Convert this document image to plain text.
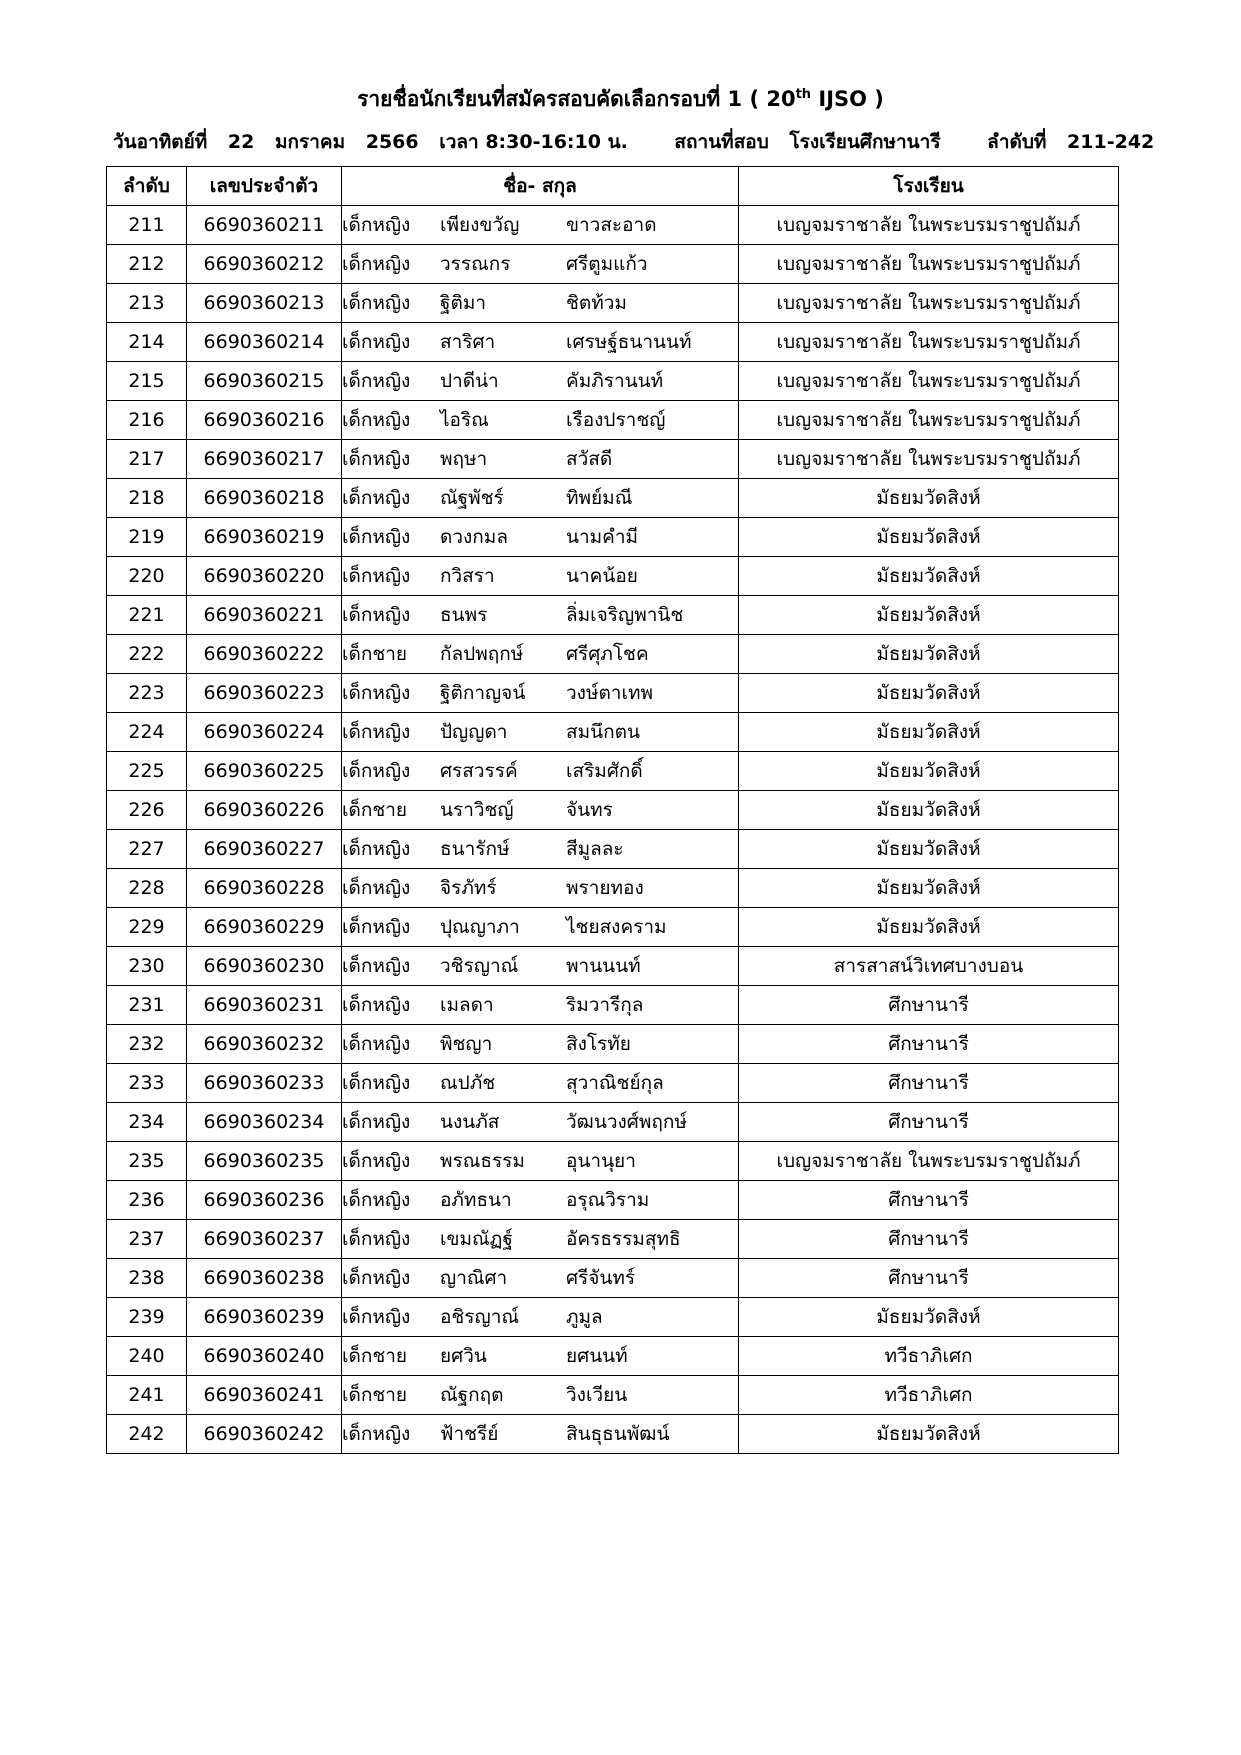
รายชื่อนักเรียนที่สมัครสอบคัดเลือกรอบที่ 1 ( 20th IJSO )
วันอาทิตย์ที่ 22 มกราคม 2566 เวลา 8:30-16:10 น. สถานที่สอบ โรงเรียนศึกษานารี ลำดับที่ 211-242
ลำดับ	เลขประจำตัว	ชื่อ- สกุล	โรงเรียน
211	6690360211	เด็กหญิง เพียงขวัญ ขาวสะอาด	เบญจมราชาลัย ในพระบรมราชูปถัมภ์
212	6690360212	เด็กหญิง วรรณกร ศรีตูมแก้ว	เบญจมราชาลัย ในพระบรมราชูปถัมภ์
213	6690360213	เด็กหญิง ฐิติมา ชิตท้วม	เบญจมราชาลัย ในพระบรมราชูปถัมภ์
214	6690360214	เด็กหญิง สาริศา เศรษฐ์ธนานนท์	เบญจมราชาลัย ในพระบรมราชูปถัมภ์
215	6690360215	เด็กหญิง ปาดีน่า คัมภิรานนท์	เบญจมราชาลัย ในพระบรมราชูปถัมภ์
216	6690360216	เด็กหญิง ไอริณ เรืองปราชญ์	เบญจมราชาลัย ในพระบรมราชูปถัมภ์
217	6690360217	เด็กหญิง พฤษา สวัสดี	เบญจมราชาลัย ในพระบรมราชูปถัมภ์
218	6690360218	เด็กหญิง ณัฐพัชร์ ทิพย์มณี	มัธยมวัดสิงห์
219	6690360219	เด็กหญิง ดวงกมล นามคำมี	มัธยมวัดสิงห์
220	6690360220	เด็กหญิง กวิสรา นาคน้อย	มัธยมวัดสิงห์
221	6690360221	เด็กหญิง ธนพร ลิ่มเจริญพานิช	มัธยมวัดสิงห์
222	6690360222	เด็กชาย กัลปพฤกษ์ ศรีศุภโชค	มัธยมวัดสิงห์
223	6690360223	เด็กหญิง ฐิติกาญจน์ วงษ์ตาเทพ	มัธยมวัดสิงห์
224	6690360224	เด็กหญิง ปัญญดา สมนึกตน	มัธยมวัดสิงห์
225	6690360225	เด็กหญิง ศรสวรรค์ เสริมศักดิ์	มัธยมวัดสิงห์
226	6690360226	เด็กชาย นราวิชญ์ จันทร	มัธยมวัดสิงห์
227	6690360227	เด็กหญิง ธนารักษ์ สีมูลละ	มัธยมวัดสิงห์
228	6690360228	เด็กหญิง จิรภัทร์ พรายทอง	มัธยมวัดสิงห์
229	6690360229	เด็กหญิง ปุณญาภา ไชยสงคราม	มัธยมวัดสิงห์
230	6690360230	เด็กหญิง วชิรญาณ์ พานนนท์	สารสาสน์วิเทศบางบอน
231	6690360231	เด็กหญิง เมลดา ริมวารีกุล	ศึกษานารี
232	6690360232	เด็กหญิง พิชญา สิงโรทัย	ศึกษานารี
233	6690360233	เด็กหญิง ณปภัช สุวาณิชย์กุล	ศึกษานารี
234	6690360234	เด็กหญิง นงนภัส วัฒนวงศ์พฤกษ์	ศึกษานารี
235	6690360235	เด็กหญิง พรณธรรม อุนานุยา	เบญจมราชาลัย ในพระบรมราชูปถัมภ์
236	6690360236	เด็กหญิง อภัทธนา อรุณวิราม	ศึกษานารี
237	6690360237	เด็กหญิง เขมณัฏฐ์ อัครธรรมสุทธิ	ศึกษานารี
238	6690360238	เด็กหญิง ญาณิศา ศรีจันทร์	ศึกษานารี
239	6690360239	เด็กหญิง อชิรญาณ์ ภูมูล	มัธยมวัดสิงห์
240	6690360240	เด็กชาย ยศวิน ยศนนท์	ทวีธาภิเศก
241	6690360241	เด็กชาย ณัฐกฤต วิงเวียน	ทวีธาภิเศก
242	6690360242	เด็กหญิง ฟ้าชรีย์ สินธุธนพัฒน์	มัธยมวัดสิงห์
